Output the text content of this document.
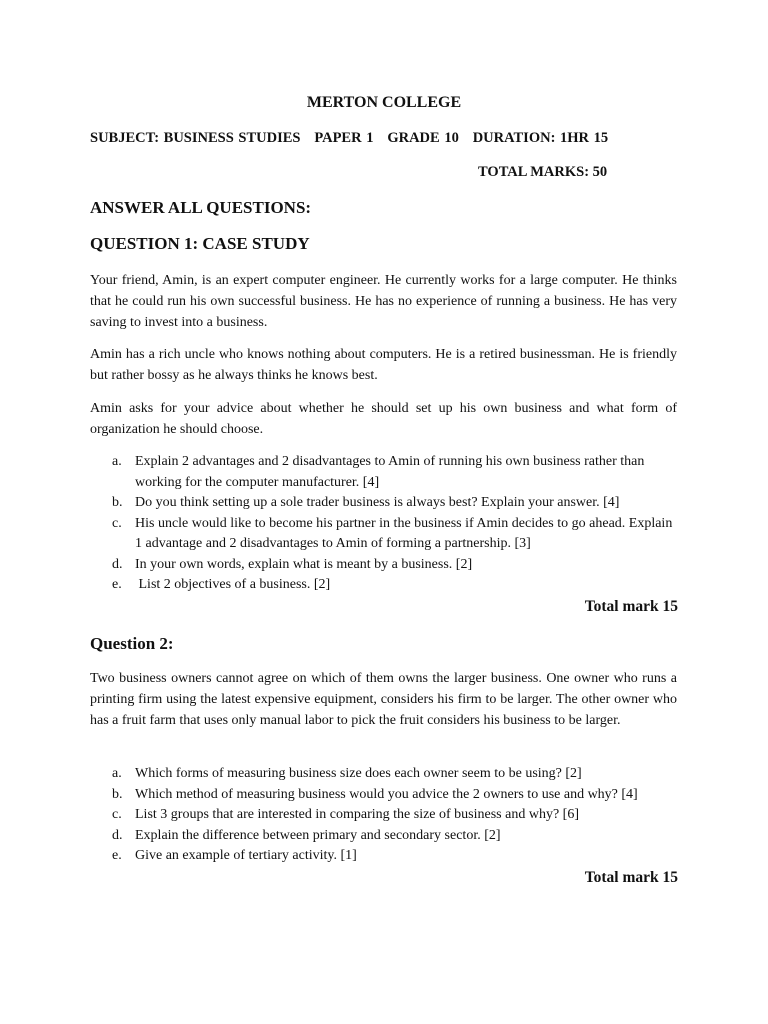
MERTON COLLEGE
SUBJECT: BUSINESS STUDIES   PAPER 1   GRADE 10   DURATION: 1HR 15
TOTAL MARKS: 50
ANSWER ALL QUESTIONS:
QUESTION 1: CASE STUDY

Your friend, Amin, is an expert computer engineer. He currently works for a large computer. He thinks that he could run his own successful business. He has no experience of running a business. He has very saving to invest into a business.

Amin has a rich uncle who knows nothing about computers. He is a retired businessman. He is friendly but rather bossy as he always thinks he knows best.

Amin asks for your advice about whether he should set up his own business and what form of organization he should choose.

a. Explain 2 advantages and 2 disadvantages to Amin of running his own business rather than working for the computer manufacturer. [4]
b. Do you think setting up a sole trader business is always best? Explain your answer. [4]
c. His uncle would like to become his partner in the business if Amin decides to go ahead. Explain 1 advantage and 2 disadvantages to Amin of forming a partnership. [3]
d. In your own words, explain what is meant by a business. [2]
e. List 2 objectives of a business. [2]
Total mark 15
Question 2:

Two business owners cannot agree on which of them owns the larger business. One owner who runs a printing firm using the latest expensive equipment, considers his firm to be larger. The other owner who has a fruit farm that uses only manual labor to pick the fruit considers his business to be larger.

a. Which forms of measuring business size does each owner seem to be using? [2]
b. Which method of measuring business would you advice the 2 owners to use and why? [4]
c. List 3 groups that are interested in comparing the size of business and why? [6]
d. Explain the difference between primary and secondary sector. [2]
e. Give an example of tertiary activity. [1]
Total mark 15
